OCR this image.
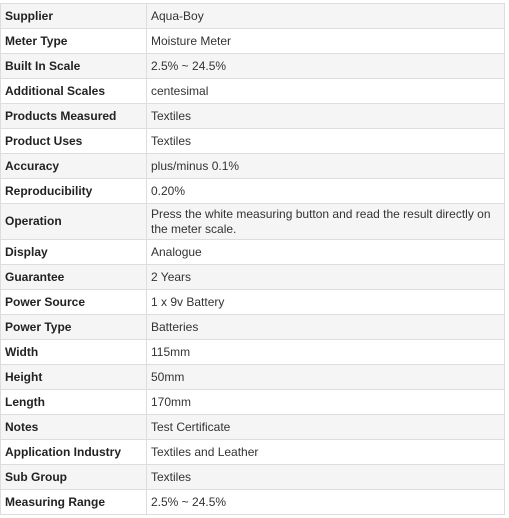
Supplier	Aqua-Boy
Meter Type	Moisture Meter
Built In Scale	2.5% ~ 24.5%
Additional Scales	centesimal
Products Measured	Textiles
Product Uses	Textiles
Accuracy	plus/minus 0.1%
Reproducibility	0.20%
Operation	Press the white measuring button and read the result directly on the meter scale.
Display	Analogue
Guarantee	2 Years
Power Source	1 x 9v Battery
Power Type	Batteries
Width	115mm
Height	50mm
Length	170mm
Notes	Test Certificate
Application Industry	Textiles and Leather
Sub Group	Textiles
Measuring Range	2.5% ~ 24.5%
